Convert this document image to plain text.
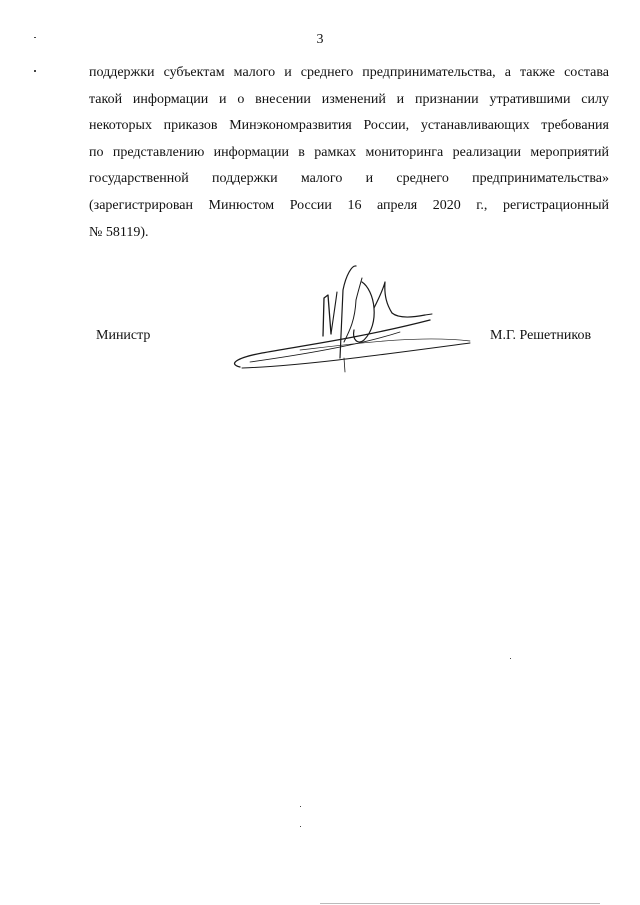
3
поддержки субъектам малого и среднего предпринимательства, а также состава
такой информации и о внесении изменений и признании утратившими силу
некоторых приказов Минэкономразвития России, устанавливающих требования
по представлению информации в рамках мониторинга реализации мероприятий
государственной поддержки малого и среднего предпринимательства»
(зарегистрирован Минюстом России 16 апреля 2020 г., регистрационный
№ 58119).
Министр	М.Г. Решетников
